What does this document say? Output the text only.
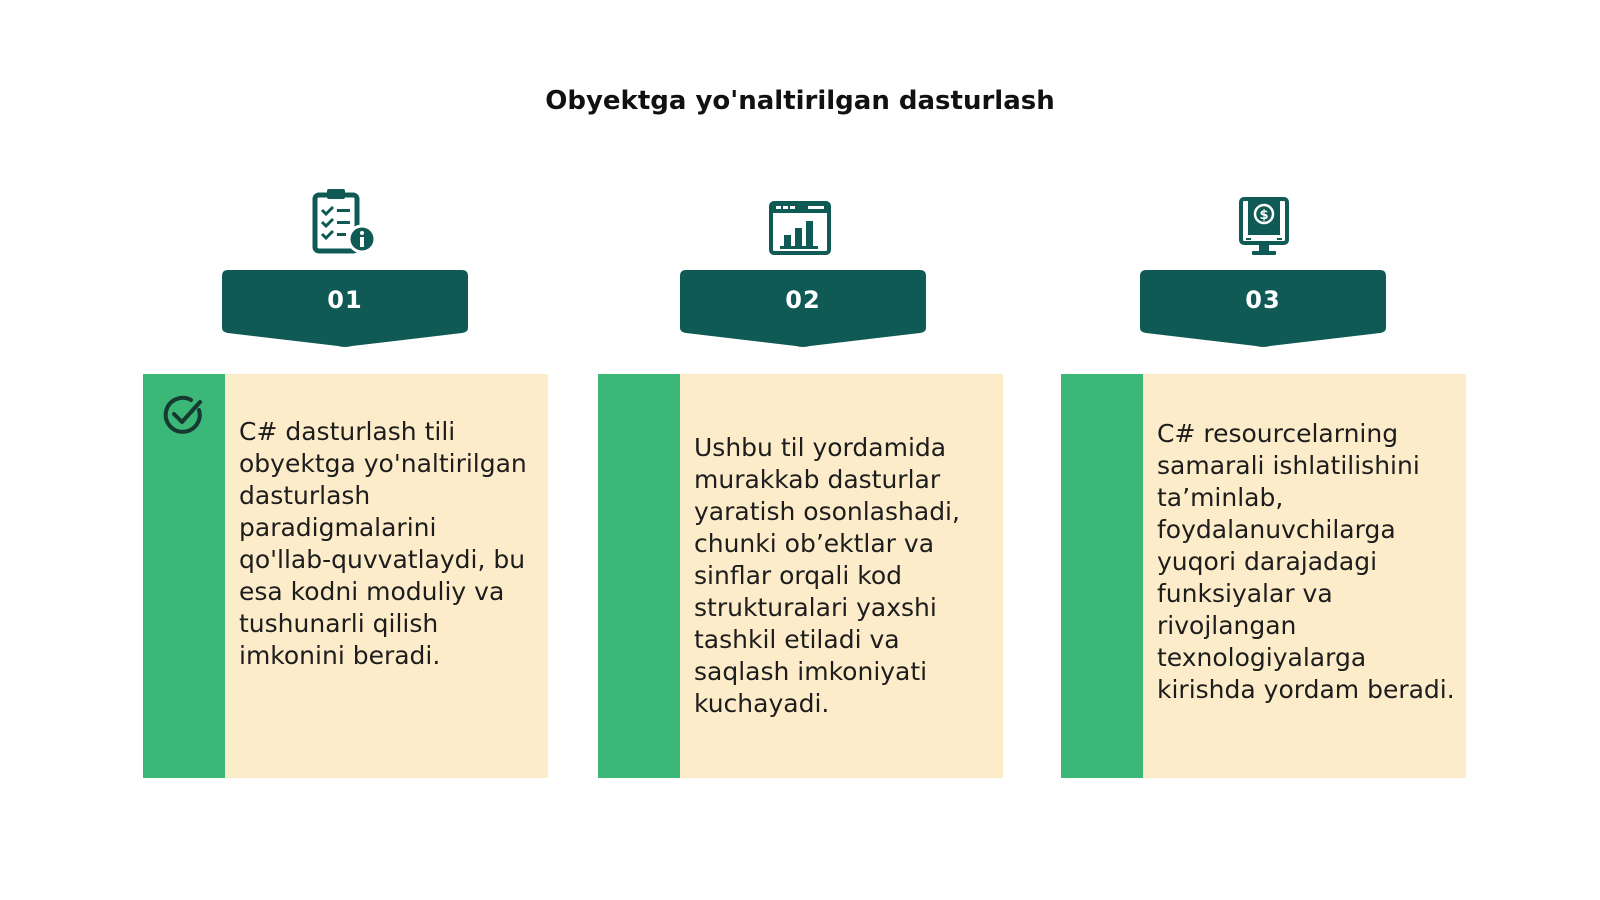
Obyektga yo'naltirilgan dasturlash
01
C# dasturlash tili obyektga yo'naltirilgan dasturlash paradigmalarini qo'llab-quvvatlaydi, bu esa kodni moduliy va tushunarli qilish imkonini beradi.
02
Ushbu til yordamida murakkab dasturlar yaratish osonlashadi, chunki ob’ektlar va sinflar orqali kod strukturalari yaxshi tashkil etiladi va saqlash imkoniyati kuchayadi.
$
03
C# resourcelarning samarali ishlatilishini ta’minlab, foydalanuvchilarga yuqori darajadagi funksiyalar va rivojlangan texnologiyalarga kirishda yordam beradi.
